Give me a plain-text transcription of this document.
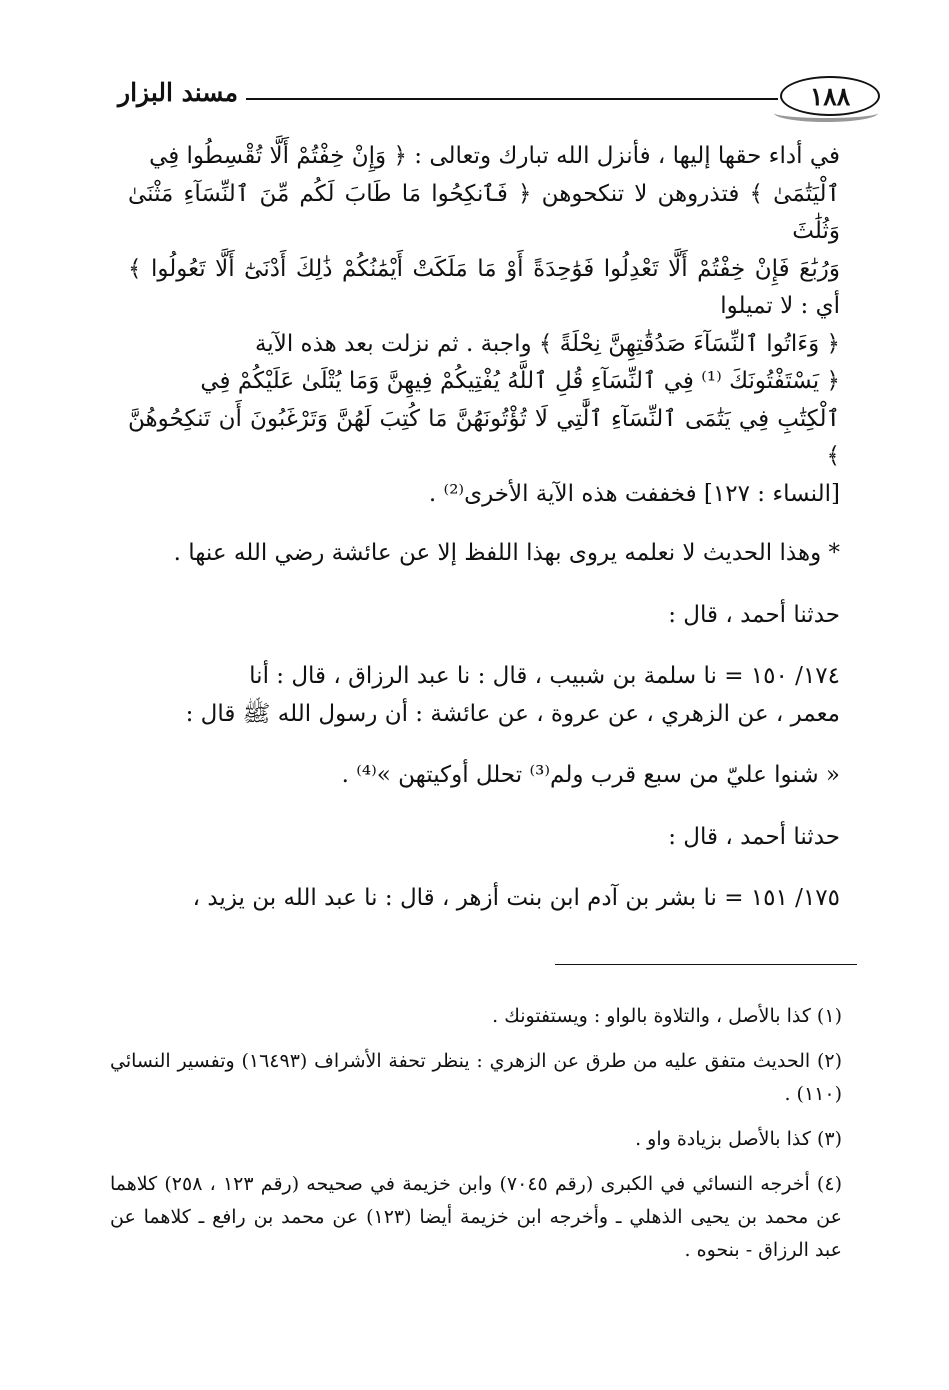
١٨٨
مسند البزار

في أداء حقها إليها ، فأنزل الله تبارك وتعالى : ﴿ وَإِنْ خِفْتُمْ أَلَّا تُقْسِطُوا فِي

ٱلْيَتَٰمَىٰ ﴾ فتذروهن لا تنكحوهن ﴿ فَٱنكِحُوا مَا طَابَ لَكُم مِّنَ ٱلنِّسَآءِ مَثْنَىٰ وَثُلَٰثَ

وَرُبَٰعَ فَإِنْ خِفْتُمْ أَلَّا تَعْدِلُوا فَوَٰحِدَةً أَوْ مَا مَلَكَتْ أَيْمَٰنُكُمْ ذَٰلِكَ أَدْنَىٰٓ أَلَّا تَعُولُوا ﴾ أي : لا تميلوا

﴿ وَءَاتُوا ٱلنِّسَآءَ صَدُقَٰتِهِنَّ نِحْلَةً ﴾ واجبة . ثم نزلت بعد هذه الآية

﴿ يَسْتَفْتُونَكَ ⁽¹⁾ فِي ٱلنِّسَآءِ قُلِ ٱللَّهُ يُفْتِيكُمْ فِيهِنَّ وَمَا يُتْلَىٰ عَلَيْكُمْ فِي

ٱلْكِتَٰبِ فِي يَتَٰمَى ٱلنِّسَآءِ ٱلَّٰتِي لَا تُؤْتُونَهُنَّ مَا كُتِبَ لَهُنَّ وَتَرْغَبُونَ أَن تَنكِحُوهُنَّ ﴾

[النساء : ١٢٧] فخففت هذه الآية الأخرى⁽²⁾ .

* وهذا الحديث لا نعلمه يروى بهذا اللفظ إلا عن عائشة رضي الله عنها .

حدثنا أحمد ، قال :

١٧٤/ ١٥٠ = نا سلمة بن شبيب ، قال : نا عبد الرزاق ، قال : أنا

معمر ، عن الزهري ، عن عروة ، عن عائشة : أن رسول الله ﷺ قال :

« شنوا عليّ من سبع قرب ولم⁽³⁾ تحلل أوكيتهن »⁽⁴⁾ .

حدثنا أحمد ، قال :

١٧٥/ ١٥١ = نا بشر بن آدم ابن بنت أزهر ، قال : نا عبد الله بن يزيد ،

(١) كذا بالأصل ، والتلاوة بالواو : ويستفتونك .

(٢) الحديث متفق عليه من طرق عن الزهري : ينظر تحفة الأشراف (١٦٤٩٣) وتفسير النسائي (١١٠) .

(٣) كذا بالأصل بزيادة واو .

(٤) أخرجه النسائي في الكبرى (رقم ٧٠٤٥) وابن خزيمة في صحيحه (رقم ١٢٣ ، ٢٥٨) كلاهما عن محمد بن يحيى الذهلي ـ وأخرجه ابن خزيمة أيضا (١٢٣) عن محمد بن رافع ـ كلاهما عن عبد الرزاق - بنحوه .
